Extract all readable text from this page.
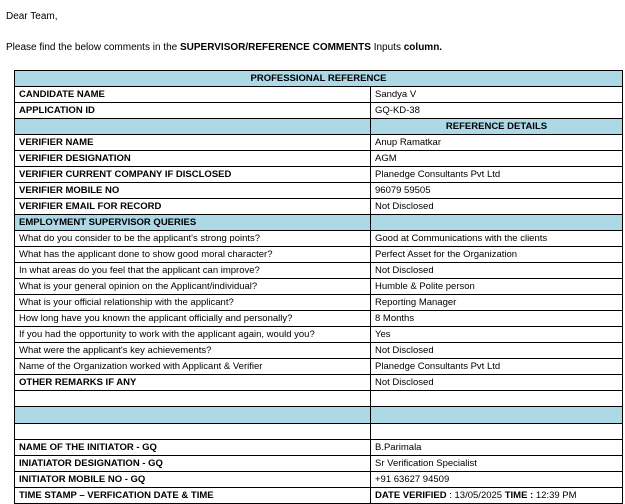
Dear Team,
Please find the below comments in the SUPERVISOR/REFERENCE COMMENTS Inputs column.
PROFESSIONAL REFERENCE	
CANDIDATE NAME	Sandya V
APPLICATION ID	GQ-KD-38
	REFERENCE DETAILS
VERIFIER NAME	Anup Ramatkar
VERIFIER DESIGNATION	AGM
VERIFIER CURRENT COMPANY IF DISCLOSED	Planedge Consultants Pvt Ltd
VERIFIER MOBILE NO	96079 59505
VERIFIER EMAIL FOR RECORD	Not Disclosed
EMPLOYMENT SUPERVISOR QUERIES	
What do you consider to be the applicant's strong points?	Good at Communications with the clients
What has the applicant done to show good moral character?	Perfect Asset for the Organization
In what areas do you feel that the applicant can improve?	Not Disclosed
What is your general opinion on the Applicant/individual?	Humble & Polite person
What is your official relationship with the applicant?	Reporting Manager
How long have you known the applicant officially and personally?	8 Months
If you had the opportunity to work with the applicant again, would you?	Yes
What were the applicant's key achievements?	Not Disclosed
Name of the Organization worked with Applicant & Verifier	Planedge Consultants Pvt Ltd
OTHER REMARKS IF ANY	Not Disclosed

NAME OF THE INITIATOR - GQ	B.Parimala
INIATIATOR DESIGNATION - GQ	Sr Verification Specialist
INITIATOR MOBILE NO - GQ	+91 63627 94509
TIME STAMP – VERFICATION DATE & TIME	DATE VERIFIED : 13/05/2025 TIME : 12:39 PM
